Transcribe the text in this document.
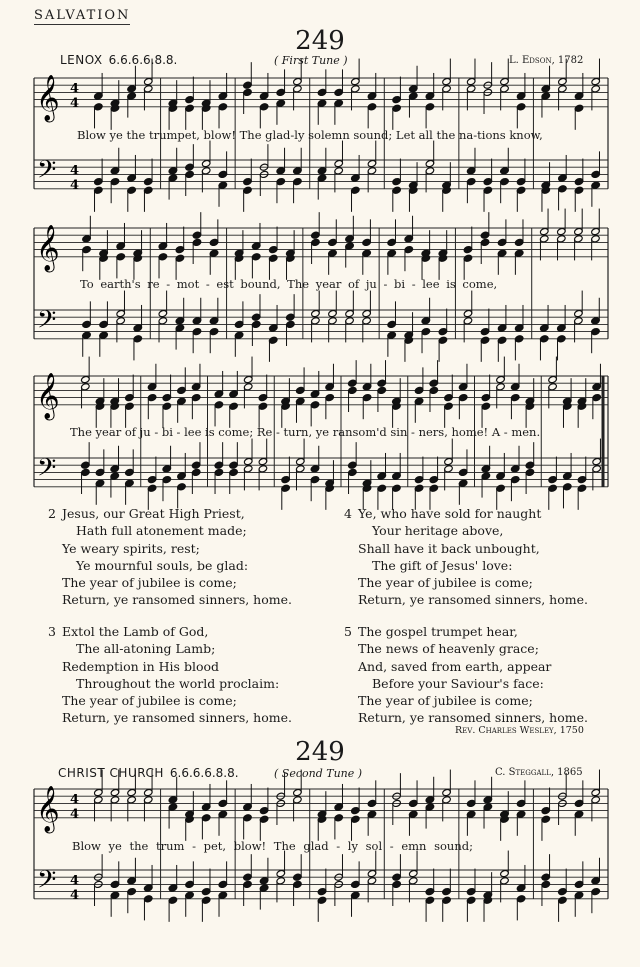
SALVATION
249
LENOX 6.6.6.6.8.8.	( First Tune )	L. Edson, 1782
𝄞
𝄢
4
4
4
4
𝄞
𝄢
𝄞
𝄢
𝄞
𝄢
4
4
4
4
Blow ye the trumpet, blow! The glad-ly solemn sound; Let all the na-tions know,
To earth's re - mot - est bound, The year of ju - bi - lee is come,
The year of ju - bi - lee is come; Re - turn, ye ransom'd sin - ners, home! A - men.
2 Jesus, our Great High Priest,
Hath full atonement made;
Ye weary spirits, rest;
Ye mournful souls, be glad:
The year of jubilee is come;
Return, ye ransomed sinners, home.
3 Extol the Lamb of God,
The all-atoning Lamb;
Redemption in His blood
Throughout the world proclaim:
The year of jubilee is come;
Return, ye ransomed sinners, home.
4 Ye, who have sold for naught
Your heritage above,
Shall have it back unbought,
The gift of Jesus' love:
The year of jubilee is come;
Return, ye ransomed sinners, home.
5 The gospel trumpet hear,
The news of heavenly grace;
And, saved from earth, appear
Before your Saviour's face:
The year of jubilee is come;
Return, ye ransomed sinners, home.
Rev. Charles Wesley, 1750
249
CHRIST CHURCH 6.6.6.6.8.8.	( Second Tune )	C. Steggall, 1865
Blow ye the trum - pet, blow! The glad - ly sol - emn sound;
